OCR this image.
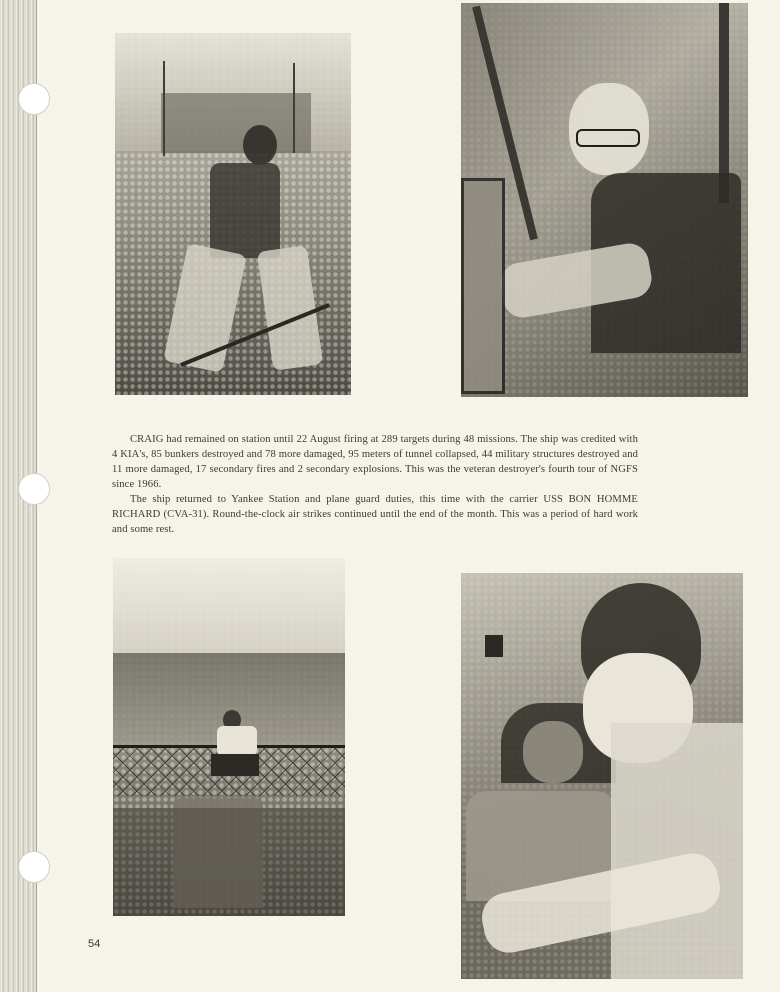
CRAIG had remained on station until 22 August firing at 289 targets during 48 missions. The ship was credited with 4 KIA's, 85 bunkers destroyed and 78 more damaged, 95 meters of tunnel collapsed, 44 military structures destroyed and 11 more damaged, 17 secondary fires and 2 secondary explosions. This was the veteran destroyer's fourth tour of NGFS since 1966.
The ship returned to Yankee Station and plane guard duties, this time with the carrier USS BON HOMME RICHARD (CVA-31). Round-the-clock air strikes continued until the end of the month. This was a period of hard work and some rest.

54
